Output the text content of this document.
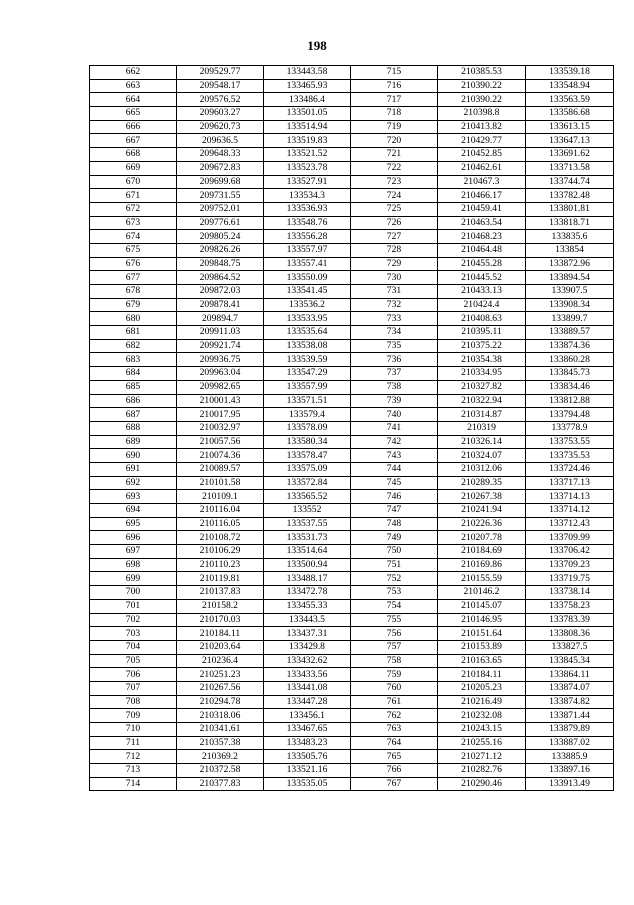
198
662	209529.77	133443.58	715	210385.53	133539.18
663	209548.17	133465.93	716	210390.22	133548.94
664	209576.52	133486.4	717	210390.22	133563.59
665	209603.27	133501.05	718	210398.8	133586.68
666	209620.73	133514.94	719	210413.82	133613.15
667	209636.5	133519.83	720	210429.77	133647.13
668	209648.33	133521.52	721	210452.85	133691.62
669	209672.83	133523.78	722	210462.61	133713.58
670	209699.68	133527.91	723	210467.3	133744.74
671	209731.55	133534.3	724	210466.17	133782.48
672	209752.01	133536.93	725	210459.41	133801.81
673	209776.61	133548.76	726	210463.54	133818.71
674	209805.24	133556.28	727	210468.23	133835.6
675	209826.26	133557.97	728	210464.48	133854
676	209848.75	133557.41	729	210455.28	133872.96
677	209864.52	133550.09	730	210445.52	133894.54
678	209872.03	133541.45	731	210433.13	133907.5
679	209878.41	133536.2	732	210424.4	133908.34
680	209894.7	133533.95	733	210408.63	133899.7
681	209911.03	133535.64	734	210395.11	133889.57
682	209921.74	133538.08	735	210375.22	133874.36
683	209936.75	133539.59	736	210354.38	133860.28
684	209963.04	133547.29	737	210334.95	133845.73
685	209982.65	133557.99	738	210327.82	133834.46
686	210001.43	133571.51	739	210322.94	133812.88
687	210017.95	133579.4	740	210314.87	133794.48
688	210032.97	133578.09	741	210319	133778.9
689	210057.56	133580.34	742	210326.14	133753.55
690	210074.36	133578.47	743	210324.07	133735.53
691	210089.57	133575.09	744	210312.06	133724.46
692	210101.58	133572.84	745	210289.35	133717.13
693	210109.1	133565.52	746	210267.38	133714.13
694	210116.04	133552	747	210241.94	133714.12
695	210116.05	133537.55	748	210226.36	133712.43
696	210108.72	133531.73	749	210207.78	133709.99
697	210106.29	133514.64	750	210184.69	133706.42
698	210110.23	133500.94	751	210169.86	133709.23
699	210119.81	133488.17	752	210155.59	133719.75
700	210137.83	133472.78	753	210146.2	133738.14
701	210158.2	133455.33	754	210145.07	133758.23
702	210170.03	133443.5	755	210146.95	133783.39
703	210184.11	133437.31	756	210151.64	133808.36
704	210203.64	133429.8	757	210153.89	133827.5
705	210236.4	133432.62	758	210163.65	133845.34
706	210251.23	133433.56	759	210184.11	133864.11
707	210267.56	133441.08	760	210205.23	133874.07
708	210294.78	133447.28	761	210216.49	133874.82
709	210318.06	133456.1	762	210232.08	133871.44
710	210341.61	133467.65	763	210243.15	133879.89
711	210357.38	133483.23	764	210255.16	133887.02
712	210369.2	133505.76	765	210271.12	133885.9
713	210372.58	133521.16	766	210282.76	133897.16
714	210377.83	133535.05	767	210290.46	133913.49
